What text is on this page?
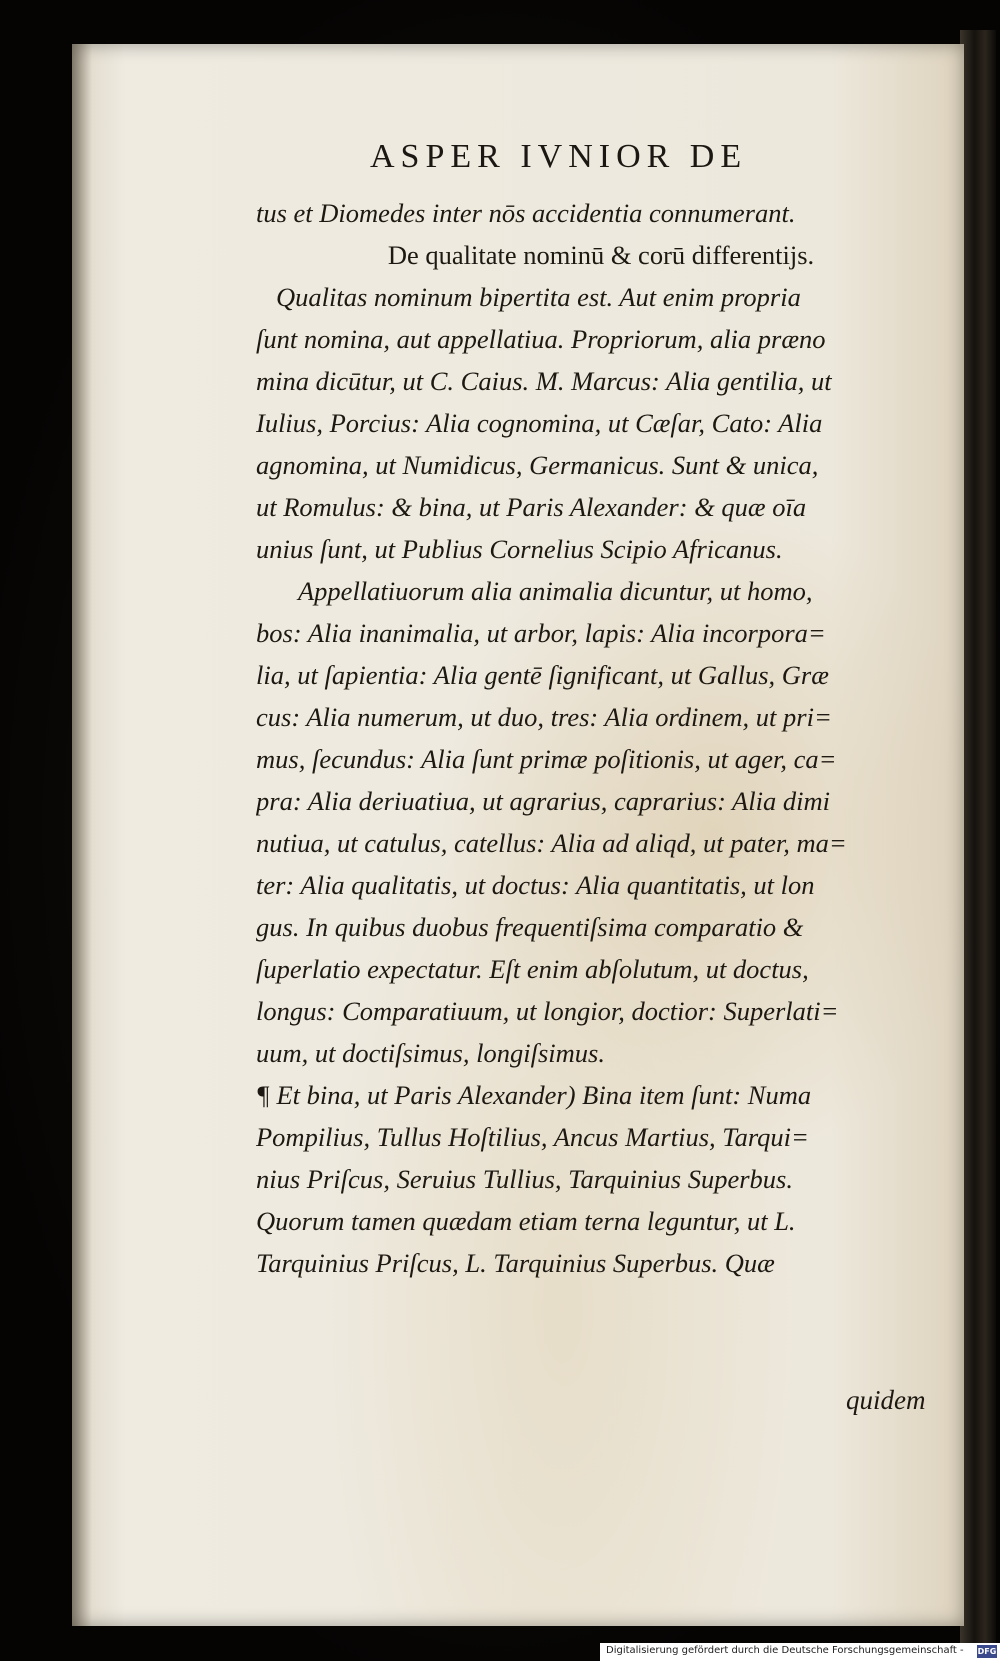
ASPER IVNIOR DE
tus et Diomedes inter nōs accidentia connumerant.
De qualitate nominū & corū differentijs.
Qualitas nominum bipertita est. Aut enim propria
ſunt nomina, aut appellatiua. Propriorum, alia præno
mina dicūtur, ut C. Caius. M. Marcus: Alia gentilia, ut
Iulius, Porcius: Alia cognomina, ut Cæſar, Cato: Alia
agnomina, ut Numidicus, Germanicus. Sunt & unica,
ut Romulus: & bina, ut Paris Alexander: & quæ oīa
unius ſunt, ut Publius Cornelius Scipio Africanus.
Appellatiuorum alia animalia dicuntur, ut homo,
bos: Alia inanimalia, ut arbor, lapis: Alia incorpora=
lia, ut ſapientia: Alia gentē ſignificant, ut Gallus, Græ
cus: Alia numerum, ut duo, tres: Alia ordinem, ut pri=
mus, ſecundus: Alia ſunt primæ poſitionis, ut ager, ca=
pra: Alia deriuatiua, ut agrarius, caprarius: Alia dimi
nutiua, ut catulus, catellus: Alia ad aliqd, ut pater, ma=
ter: Alia qualitatis, ut doctus: Alia quantitatis, ut lon
gus. In quibus duobus frequentiſsima comparatio &
ſuperlatio expectatur. Eſt enim abſolutum, ut doctus,
longus: Comparatiuum, ut longior, doctior: Superlati=
uum, ut doctiſsimus, longiſsimus.
¶ Et bina, ut Paris Alexander) Bina item ſunt: Numa
Pompilius, Tullus Hoſtilius, Ancus Martius, Tarqui=
nius Priſcus, Seruius Tullius, Tarquinius Superbus.
Quorum tamen quædam etiam terna leguntur, ut L.
Tarquinius Priſcus, L. Tarquinius Superbus. Quæ
quidem
Digitalisierung gefördert durch die Deutsche Forschungsgemeinschaft - DFG
